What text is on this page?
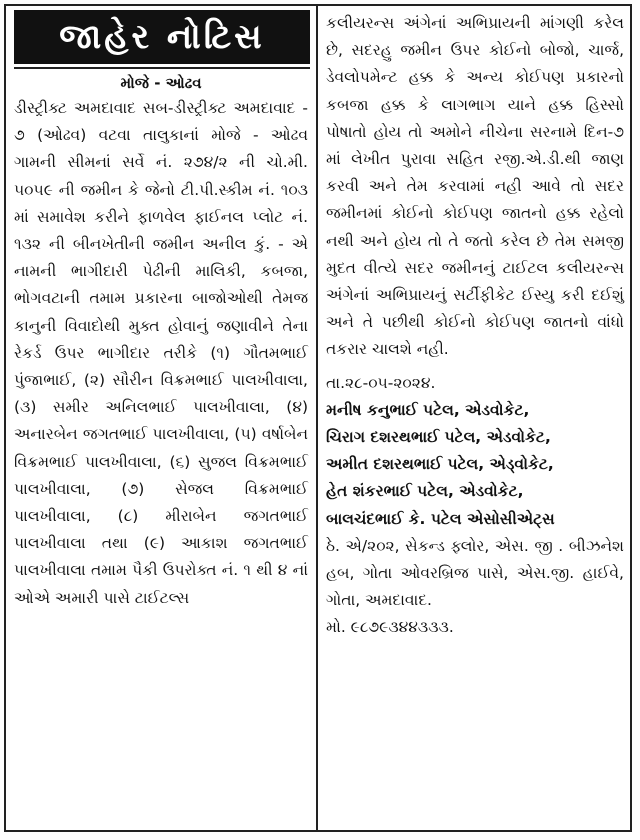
જાહેર નોટિસ
મોજે - ઓઢવ
ડીસ્ટ્રીક્ટ અમદાવાદ સબ-ડીસ્ટ્રીક્ટ અમદાવાદ - ૭ (ઓઢવ) વટવા તાલુકાનાં મોજે - ઓઢવ ગામની સીમનાં સર્વે નં. ૨૭૪/૨ ની ચો.મી. ૫૦૫૯ ની જમીન કે જેનો ટી.પી.સ્કીમ નં. ૧૦૩ માં સમાવેશ કરીને ફાળવેલ ફાઈનલ પ્લોટ નં. ૧૩૨ ની બીનખેતીની જમીન અનીલ કું. - એ નામની ભાગીદારી પેઢીની માલિકી, કબજા, ભોગવટાની તમામ પ્રકારના બાજોઓથી તેમજ કાનુની વિવાદોથી મુક્ત હોવાનું જણાવીને તેના રેકર્ડ ઉપર ભાગીદાર તરીકે (૧) ગૌતમભાઈ પુંજાભાઈ, (૨) સૌરીન વિક્રમભાઈ પાલખીવાલા, (૩) સમીર અનિલભાઈ પાલખીવાલા, (૪) અનારબેન જગતભાઈ પાલખીવાલા, (૫) વર્ષાબેન વિક્રમભાઈ પાલખીવાલા, (૬) સુજલ વિક્રમભાઈ પાલખીવાલા, (૭) સેજલ વિક્રમભાઈ પાલખીવાલા, (૮) મીરાબેન જગતભાઈ પાલખીવાલા તથા (૯) આકાશ જગતભાઈ પાલખીવાલા તમામ પૈકી ઉપરોક્ત નં. ૧ થી ૪ નાં ઓએ અમારી પાસે ટાઈટલ્સ
કલીયરન્સ અંગેનાં અભિપ્રાયની માંગણી કરેલ છે, સદરહુ જમીન ઉપર કોઈનો બોજો, ચાર્જ, ડેવલોપમેન્ટ હક્ક કે અન્ય કોઈપણ પ્રકારનો કબજા હક્ક કે લાગભાગ યાને હક્ક હિસ્સો પોષાતો હોય તો અમોને નીચેના સરનામે દિન-૭ માં લેખીત પુરાવા સહિત રજી.એ.ડી.થી જાણ કરવી અને તેમ કરવામાં નહી આવે તો સદર જમીનમાં કોઈનો કોઈપણ જાતનો હક્ક રહેલો નથી અને હોય તો તે જતો કરેલ છે તેમ સમજી મુદત વીત્યે સદર જમીનનું ટાઈટલ કલીયરન્સ અંગેનાં અભિપ્રાયનું સર્ટીફીકેટ ઈસ્યુ કરી દઈશું અને તે પછીથી કોઈનો કોઈપણ જાતનો વાંધો તકરાર ચાલશે નહી.
તા.૨૮-૦૫-૨૦૨૪.
મનીષ કનુભાઈ પટેલ, એડવોકેટ,
ચિરાગ દશરથભાઈ પટેલ, એડવોકેટ,
અમીત દશરથભાઈ પટેલ, એડ્વોકેટ,
હેત શંકરભાઈ પટેલ, એડવોકેટ,
બાલચંદભાઈ કે. પટેલ એસોસીએટ્સ
ઠે. એ/૨૦૨, સેકન્ડ ફ્લોર, એસ. જી . બીઝનેશ હબ, ગોતા ઓવરબ્રિજ પાસે, એસ.જી. હાઈવે, ગોતા, અમદાવાદ.
મો. ૯૮૭૯૩૪૪૩૩૩.
